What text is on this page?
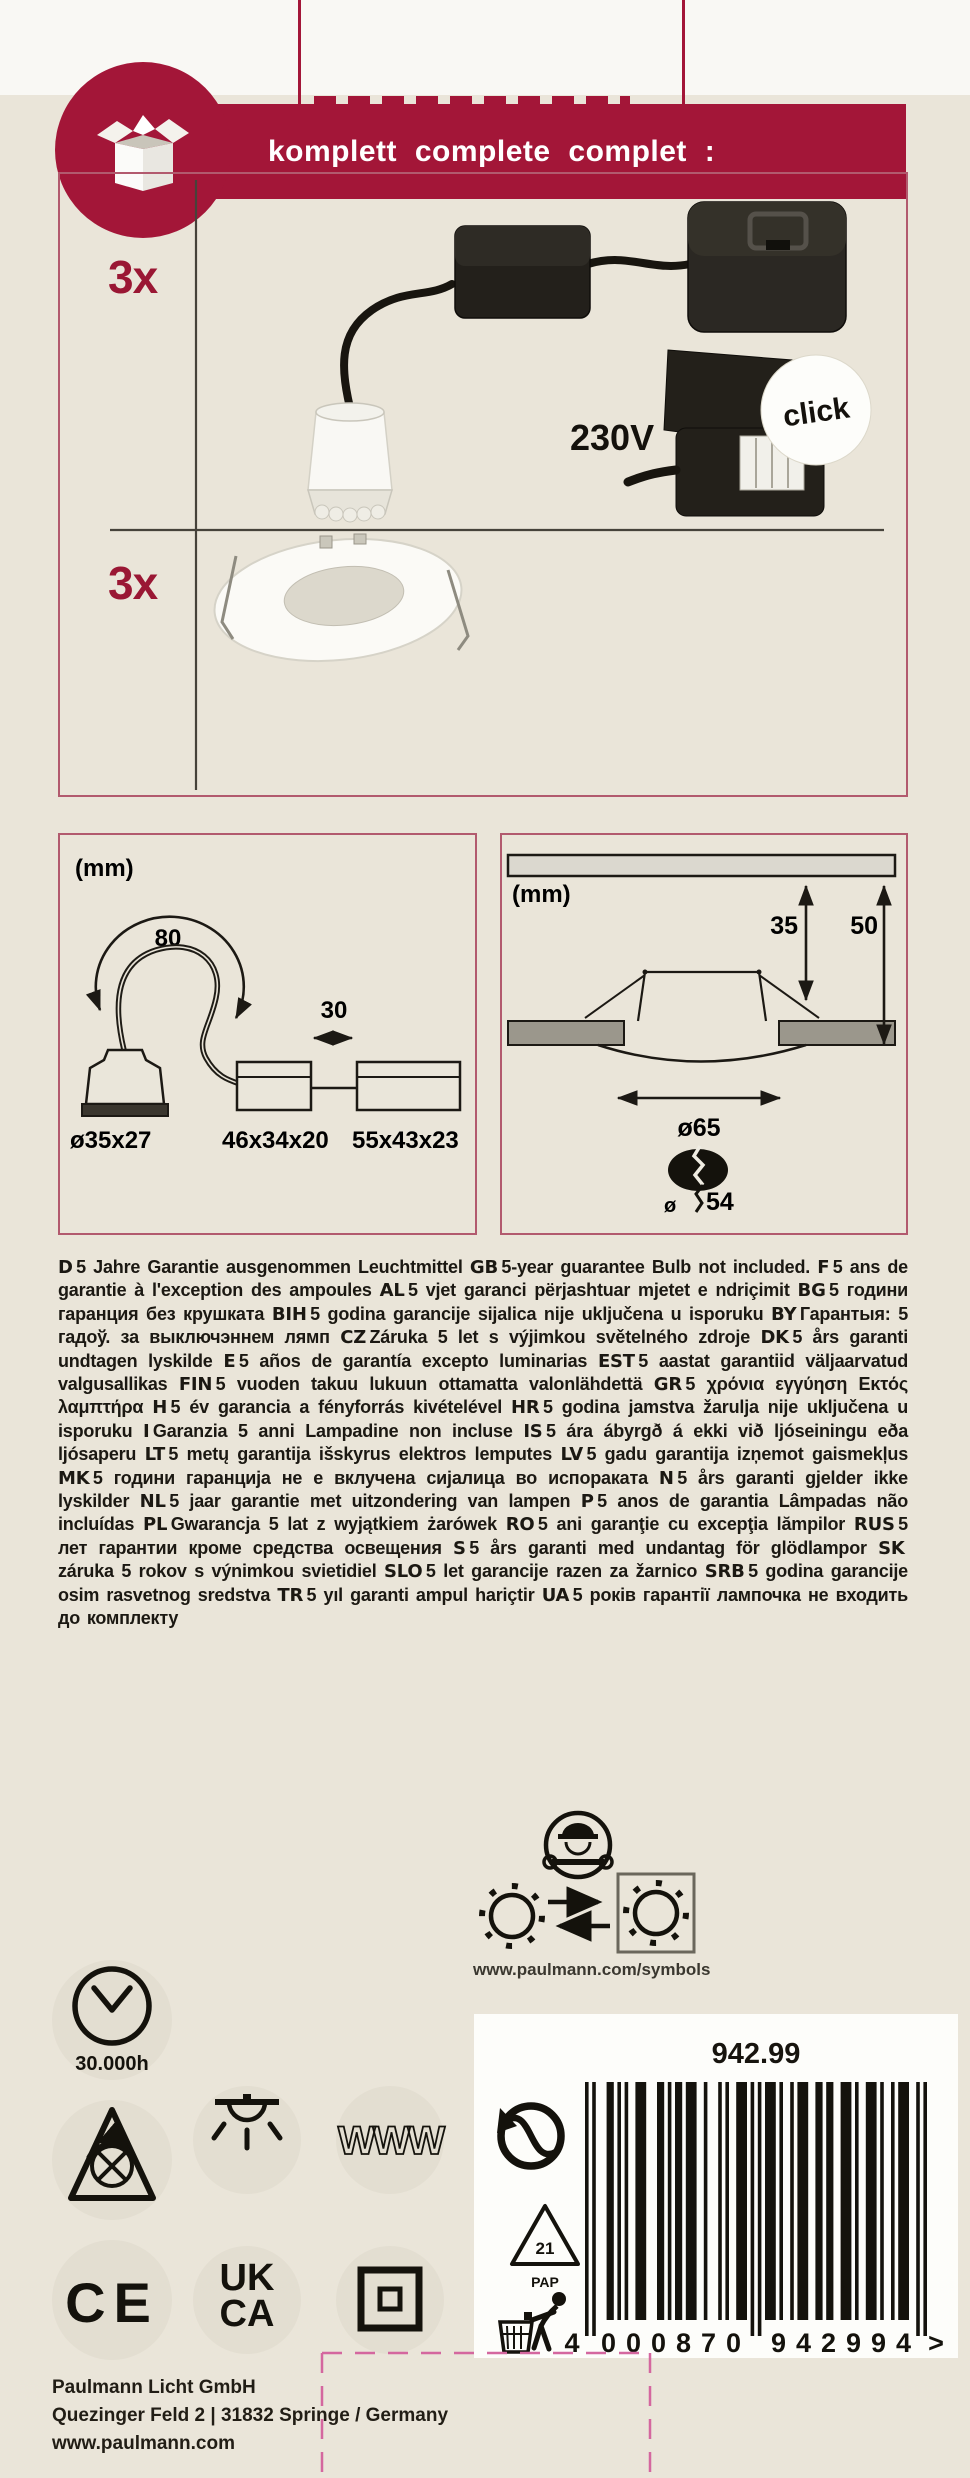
komplett complete complet :
3x
3x
230V
click
(mm)
80
30
ø35x27	46x34x20 55x43x23
(mm)
35 50
ø65
ø 54
D 5 Jahre Garantie ausgenommen Leuchtmittel GB 5-year guarantee Bulb not included. F 5 ans de garantie à l'exception des ampoules AL 5 vjet garanci përjashtuar mjetet e ndriçimit BG 5 години гаранция без крушката BIH 5 godina garancije sijalica nije uključena u isporuku BY Гарантыя: 5 гадоў. за выключэннем лямп CZ Záruka 5 let s výjimkou světelného zdroje DK 5 års garanti undtagen lyskilde E 5 años de garantía excepto luminarias EST 5 aastat garantiid väljaarvatud valgusallikas FIN 5 vuoden takuu lukuun ottamatta valonlähdettä GR 5 χρόνια εγγύηση Εκτός λαμπτήρα H 5 év garancia a fényforrás kivételével HR 5 godina jamstva žarulja nije uključena u isporuku I Garanzia 5 anni Lampadine non incluse IS 5 ára ábyrgð á ekki við ljóseiningu eða ljósaperu LT 5 metų garantija išskyrus elektros lemputes LV 5 gadu garantija izņemot gaismekļus MK 5 години гаранција не е вклучена сијалица во испораката N 5 års garanti gjelder ikke lyskilder NL 5 jaar garantie met uitzondering van lampen P 5 anos de garantia Lâmpadas não incluídas PL Gwarancja 5 lat z wyjątkiem żarówek RO 5 ani garanţie cu excepţia lămpilor RUS 5 лет гарантии кроме средства освещения S 5 års garanti med undantag för glödlampor SK záruka 5 rokov s výnimkou svietidiel SLO 5 let garancije razen za žarnico SRB 5 godina garancije osim rasvetnog sredstva TR 5 yıl garanti ampul hariçtir UA 5 років гарантії лампочка не входить до комплекту
www.paulmann.com/symbols
30.000h
WWW
CE UK
CA
942.99
21
PAP
4 000870 942994 >
Paulmann Licht GmbH
Quezinger Feld 2 | 31832 Springe / Germany
www.paulmann.com
